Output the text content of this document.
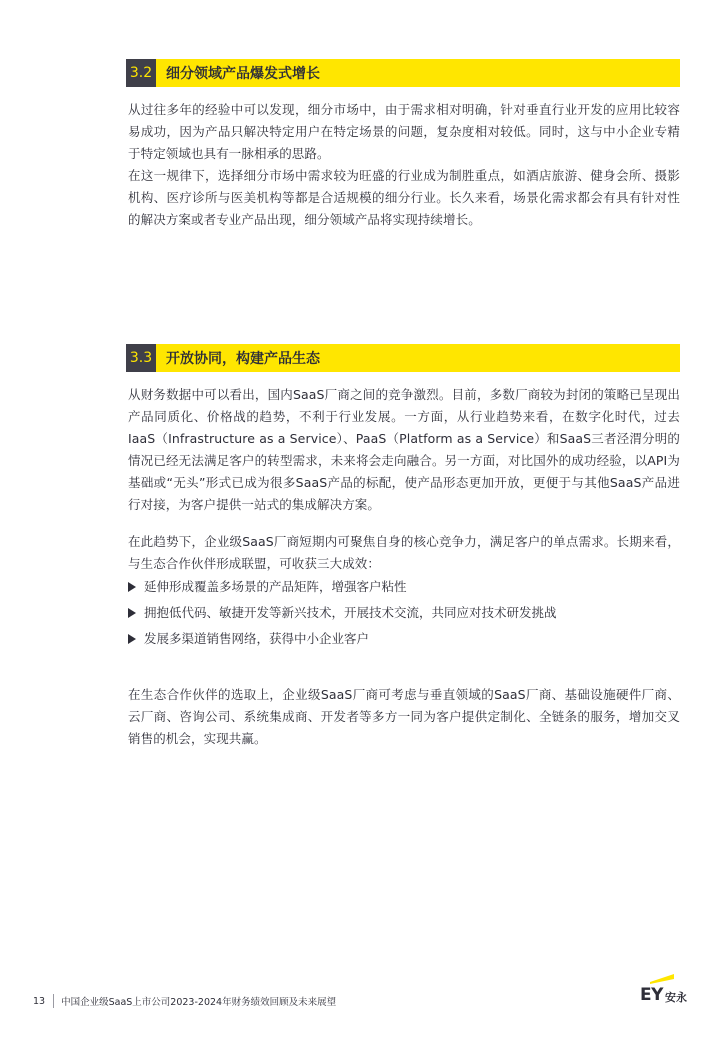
3.2 细分领域产品爆发式增长

从过往多年的经验中可以发现，细分市场中，由于需求相对明确，针对垂直行业开发的应用比较容易成功，因为产品只解决特定用户在特定场景的问题，复杂度相对较低。同时，这与中小企业专精于特定领域也具有一脉相承的思路。

在这一规律下，选择细分市场中需求较为旺盛的行业成为制胜重点，如酒店旅游、健身会所、摄影机构、医疗诊所与医美机构等都是合适规模的细分行业。长久来看，场景化需求都会有具有针对性的解决方案或者专业产品出现，细分领域产品将实现持续增长。

3.3 开放协同，构建产品生态

从财务数据中可以看出，国内SaaS厂商之间的竞争激烈。目前，多数厂商较为封闭的策略已呈现出产品同质化、价格战的趋势，不利于行业发展。一方面，从行业趋势来看，在数字化时代，过去IaaS（Infrastructure as a Service）、PaaS（Platform as a Service）和SaaS三者泾渭分明的情况已经无法满足客户的转型需求，未来将会走向融合。另一方面，对比国外的成功经验，以API为基础或“无头”形式已成为很多SaaS产品的标配，使产品形态更加开放，更便于与其他SaaS产品进行对接，为客户提供一站式的集成解决方案。

在此趋势下，企业级SaaS厂商短期内可聚焦自身的核心竞争力，满足客户的单点需求。长期来看，与生态合作伙伴形成联盟，可收获三大成效：

延伸形成覆盖多场景的产品矩阵，增强客户粘性
拥抱低代码、敏捷开发等新兴技术，开展技术交流，共同应对技术研发挑战
发展多渠道销售网络，获得中小企业客户

在生态合作伙伴的选取上，企业级SaaS厂商可考虑与垂直领域的SaaS厂商、基础设施硬件厂商、云厂商、咨询公司、系统集成商、开发者等多方一同为客户提供定制化、全链条的服务，增加交叉销售的机会，实现共赢。

13 中国企业级SaaS上市公司2023-2024年财务绩效回顾及未来展望	EY 安永
